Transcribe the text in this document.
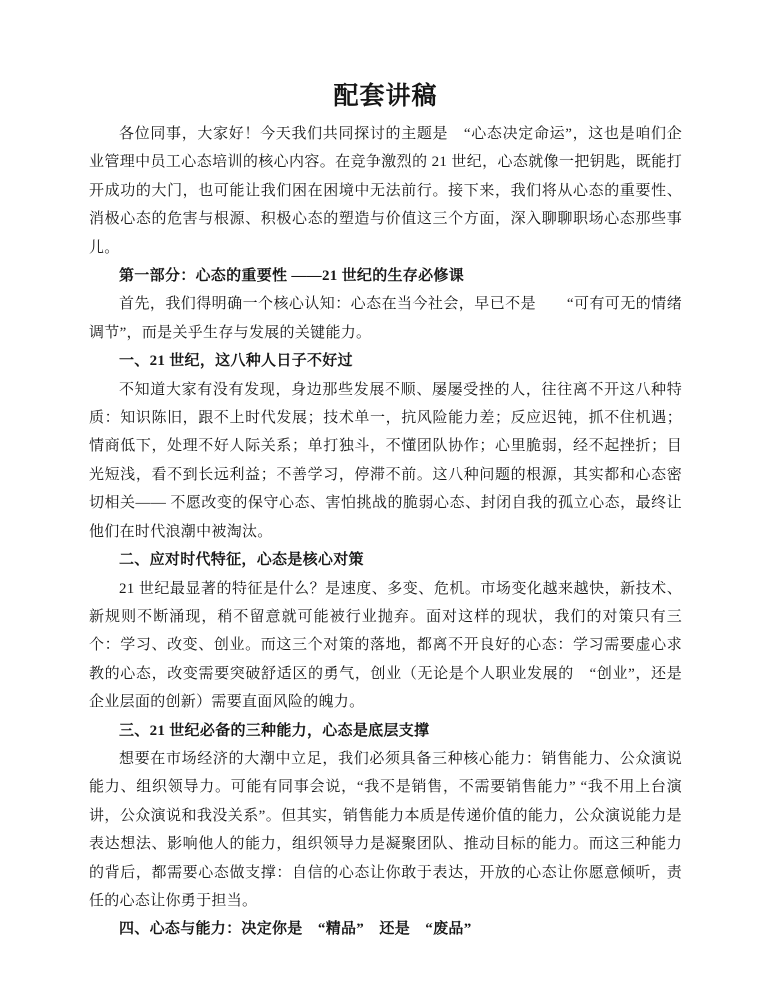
配套讲稿
各位同事，大家好！今天我们共同探讨的主题是　“心态决定命运”，这也是咱们企业管理中员工心态培训的核心内容。在竞争激烈的 21 世纪，心态就像一把钥匙，既能打开成功的大门，也可能让我们困在困境中无法前行。接下来，我们将从心态的重要性、消极心态的危害与根源、积极心态的塑造与价值这三个方面，深入聊聊职场心态那些事儿。
第一部分：心态的重要性 ——21 世纪的生存必修课
首先，我们得明确一个核心认知：心态在当今社会，早已不是　　“可有可无的情绪调节”，而是关乎生存与发展的关键能力。
一、21 世纪，这八种人日子不好过
不知道大家有没有发现，身边那些发展不顺、屡屡受挫的人，往往离不开这八种特质：知识陈旧，跟不上时代发展；技术单一，抗风险能力差；反应迟钝，抓不住机遇；情商低下，处理不好人际关系；单打独斗，不懂团队协作；心里脆弱，经不起挫折；目光短浅，看不到长远利益；不善学习，停滞不前。这八种问题的根源，其实都和心态密切相关—— 不愿改变的保守心态、害怕挑战的脆弱心态、封闭自我的孤立心态，最终让他们在时代浪潮中被淘汰。
二、应对时代特征，心态是核心对策
21 世纪最显著的特征是什么？是速度、多变、危机。市场变化越来越快，新技术、新规则不断涌现，稍不留意就可能被行业抛弃。面对这样的现状，我们的对策只有三个：学习、改变、创业。而这三个对策的落地，都离不开良好的心态：学习需要虚心求教的心态，改变需要突破舒适区的勇气，创业（无论是个人职业发展的　“创业”，还是企业层面的创新）需要直面风险的魄力。
三、21 世纪必备的三种能力，心态是底层支撑
想要在市场经济的大潮中立足，我们必须具备三种核心能力：销售能力、公众演说能力、组织领导力。可能有同事会说，“我不是销售，不需要销售能力” “我不用上台演讲，公众演说和我没关系”。但其实，销售能力本质是传递价值的能力，公众演说能力是表达想法、影响他人的能力，组织领导力是凝聚团队、推动目标的能力。而这三种能力的背后，都需要心态做支撑：自信的心态让你敢于表达，开放的心态让你愿意倾听，责任的心态让你勇于担当。
四、心态与能力：决定你是　“精品”　还是　“废品”
